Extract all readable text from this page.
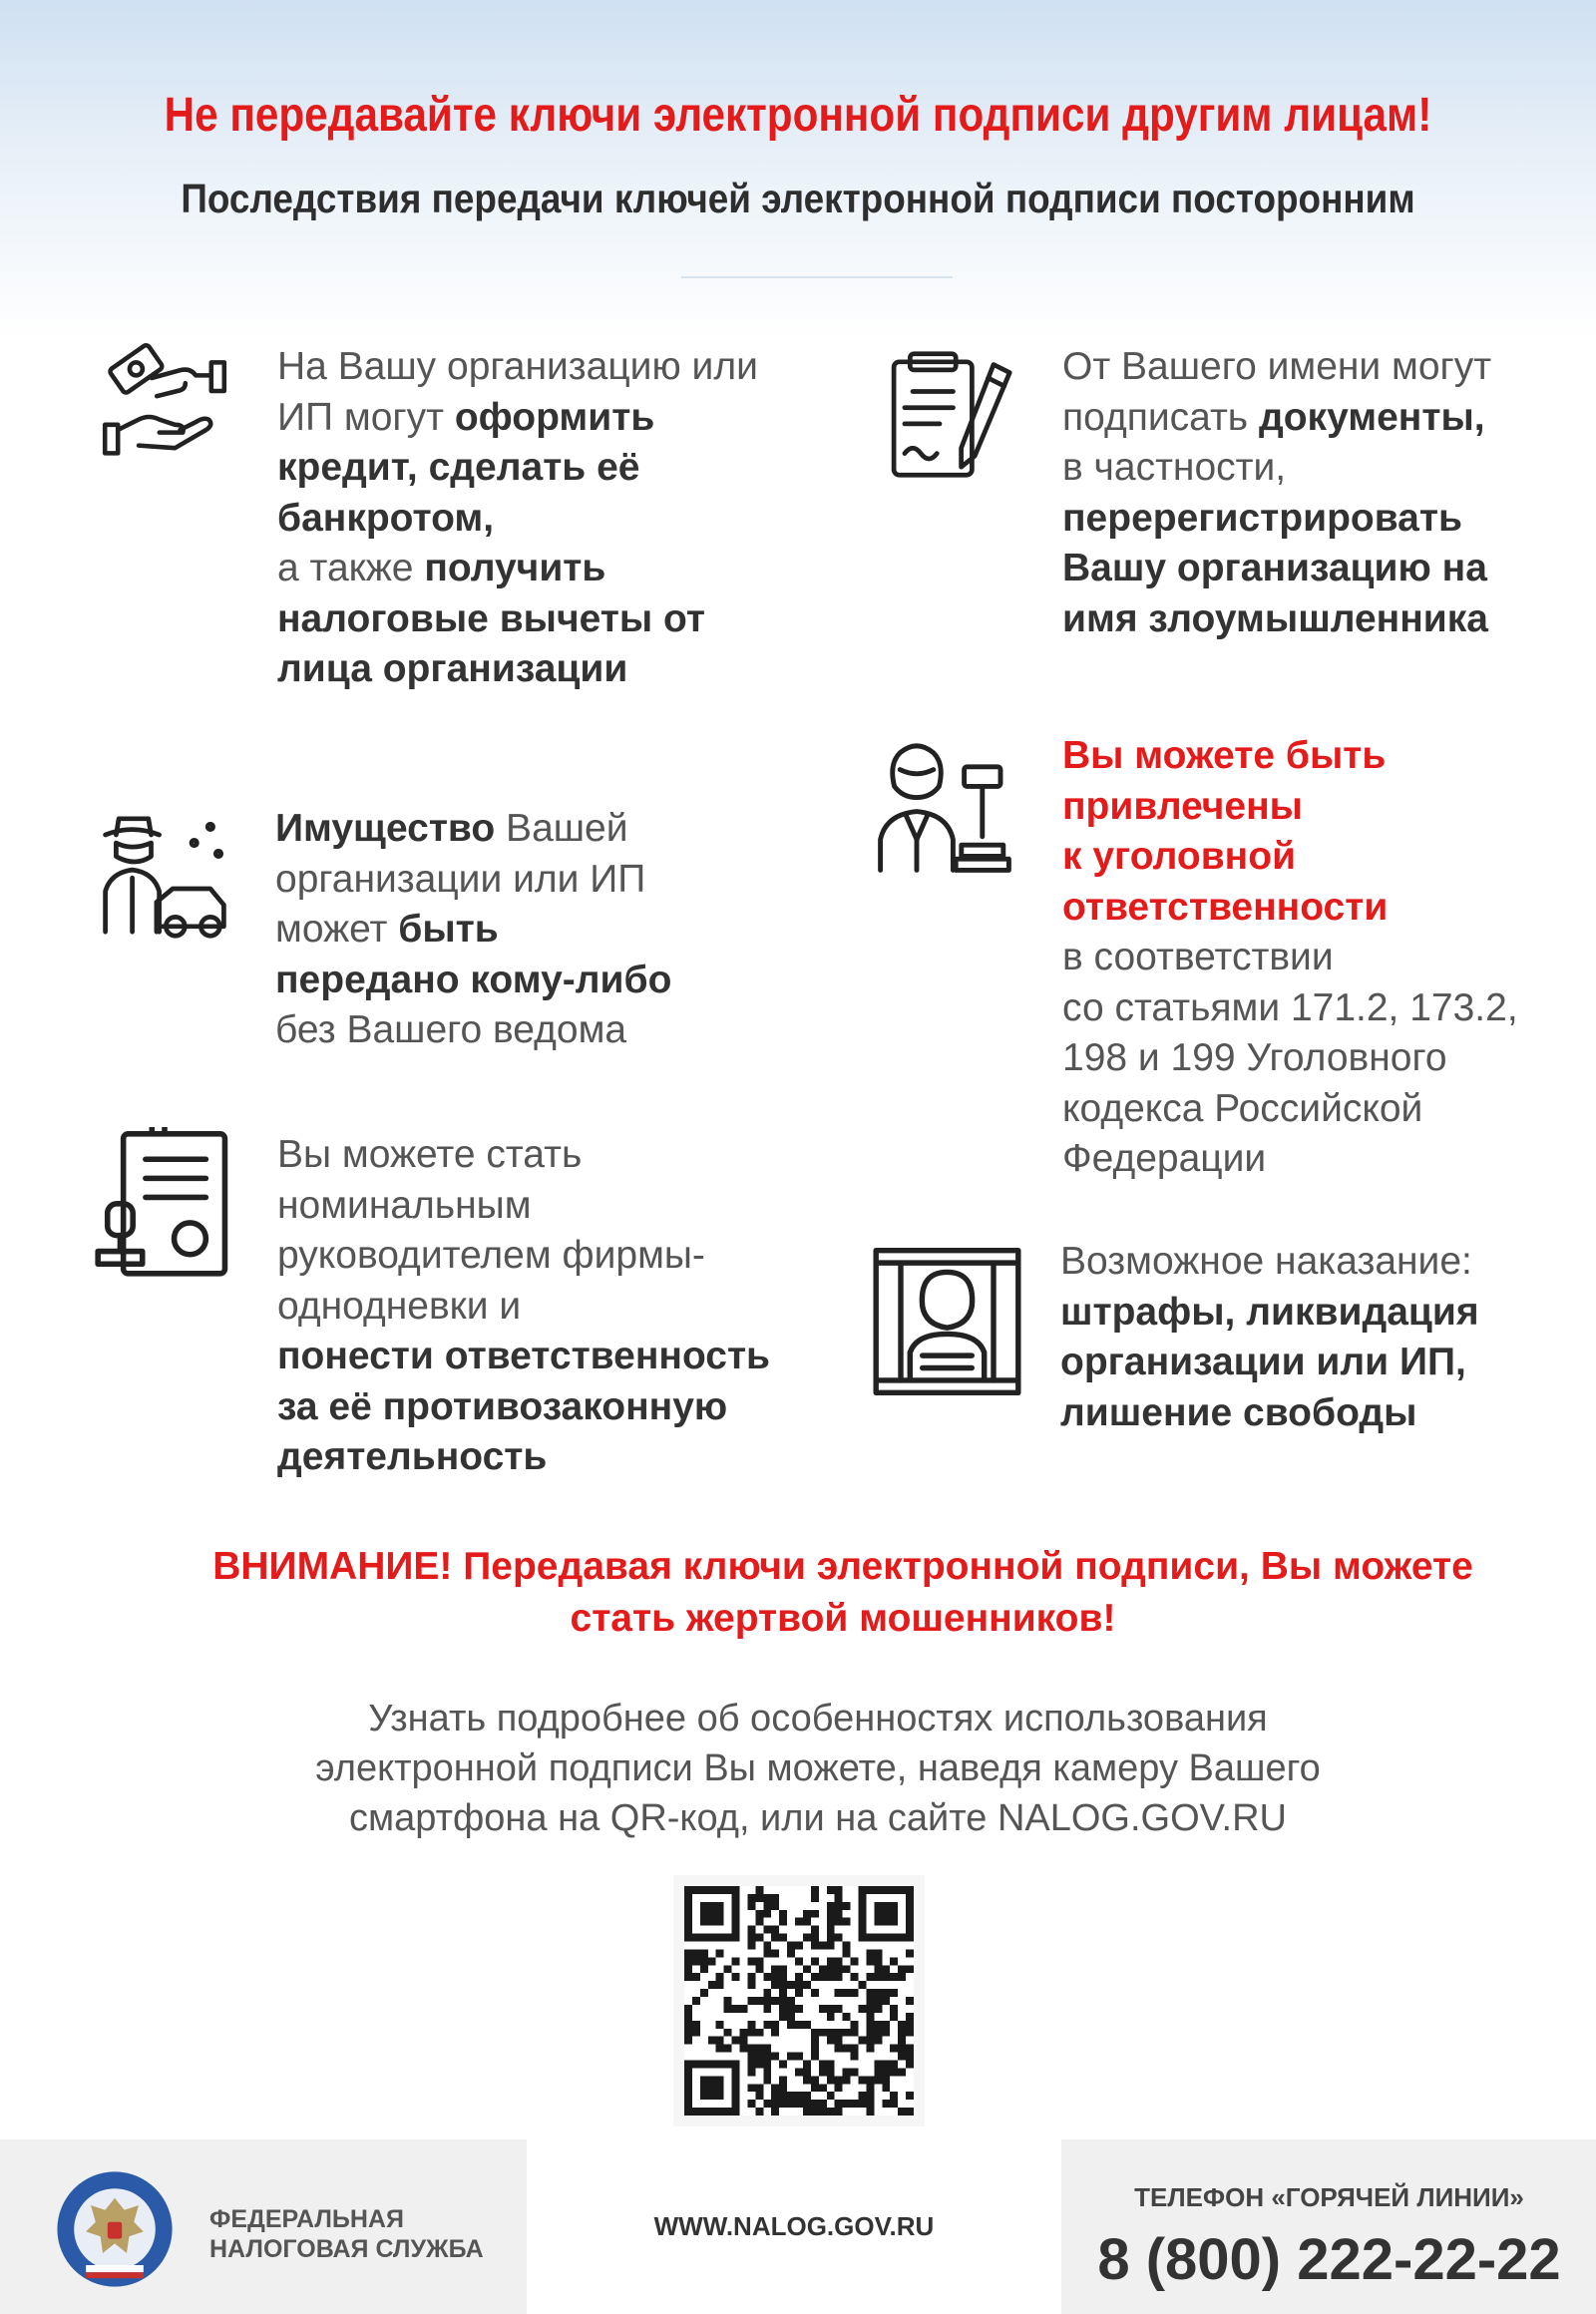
Не передавайте ключи электронной подписи другим лицам!
Последствия передачи ключей электронной подписи посторонним
На Вашу организацию или
ИП могут оформить
кредит, сделать её
банкротом,
а также получить
налоговые вычеты от
лица организации
От Вашего имени могут
подписать документы,
в частности,
перерегистрировать
Вашу организацию на
имя злоумышленника
Имущество Вашей
организации или ИП
может быть
передано кому-либо
без Вашего ведома
Вы можете быть
привлечены
к уголовной
ответственности
в соответствии
со статьями 171.2, 173.2,
198 и 199 Уголовного
кодекса Российской
Федерации
Вы можете стать
номинальным
руководителем фирмы-
однодневки и
понести ответственность
за её противозаконную
деятельность
Возможное наказание:
штрафы, ликвидация
организации или ИП,
лишение свободы
ВНИМАНИЕ! Передавая ключи электронной подписи, Вы можете
стать жертвой мошенников!
Узнать подробнее об особенностях использования
электронной подписи Вы можете, наведя камеру Вашего
смартфона на QR-код, или на сайте NALOG.GOV.RU
ФЕДЕРАЛЬНАЯ
НАЛОГОВАЯ СЛУЖБА
WWW.NALOG.GOV.RU
ТЕЛЕФОН «ГОРЯЧЕЙ ЛИНИИ»
8 (800) 222-22-22
